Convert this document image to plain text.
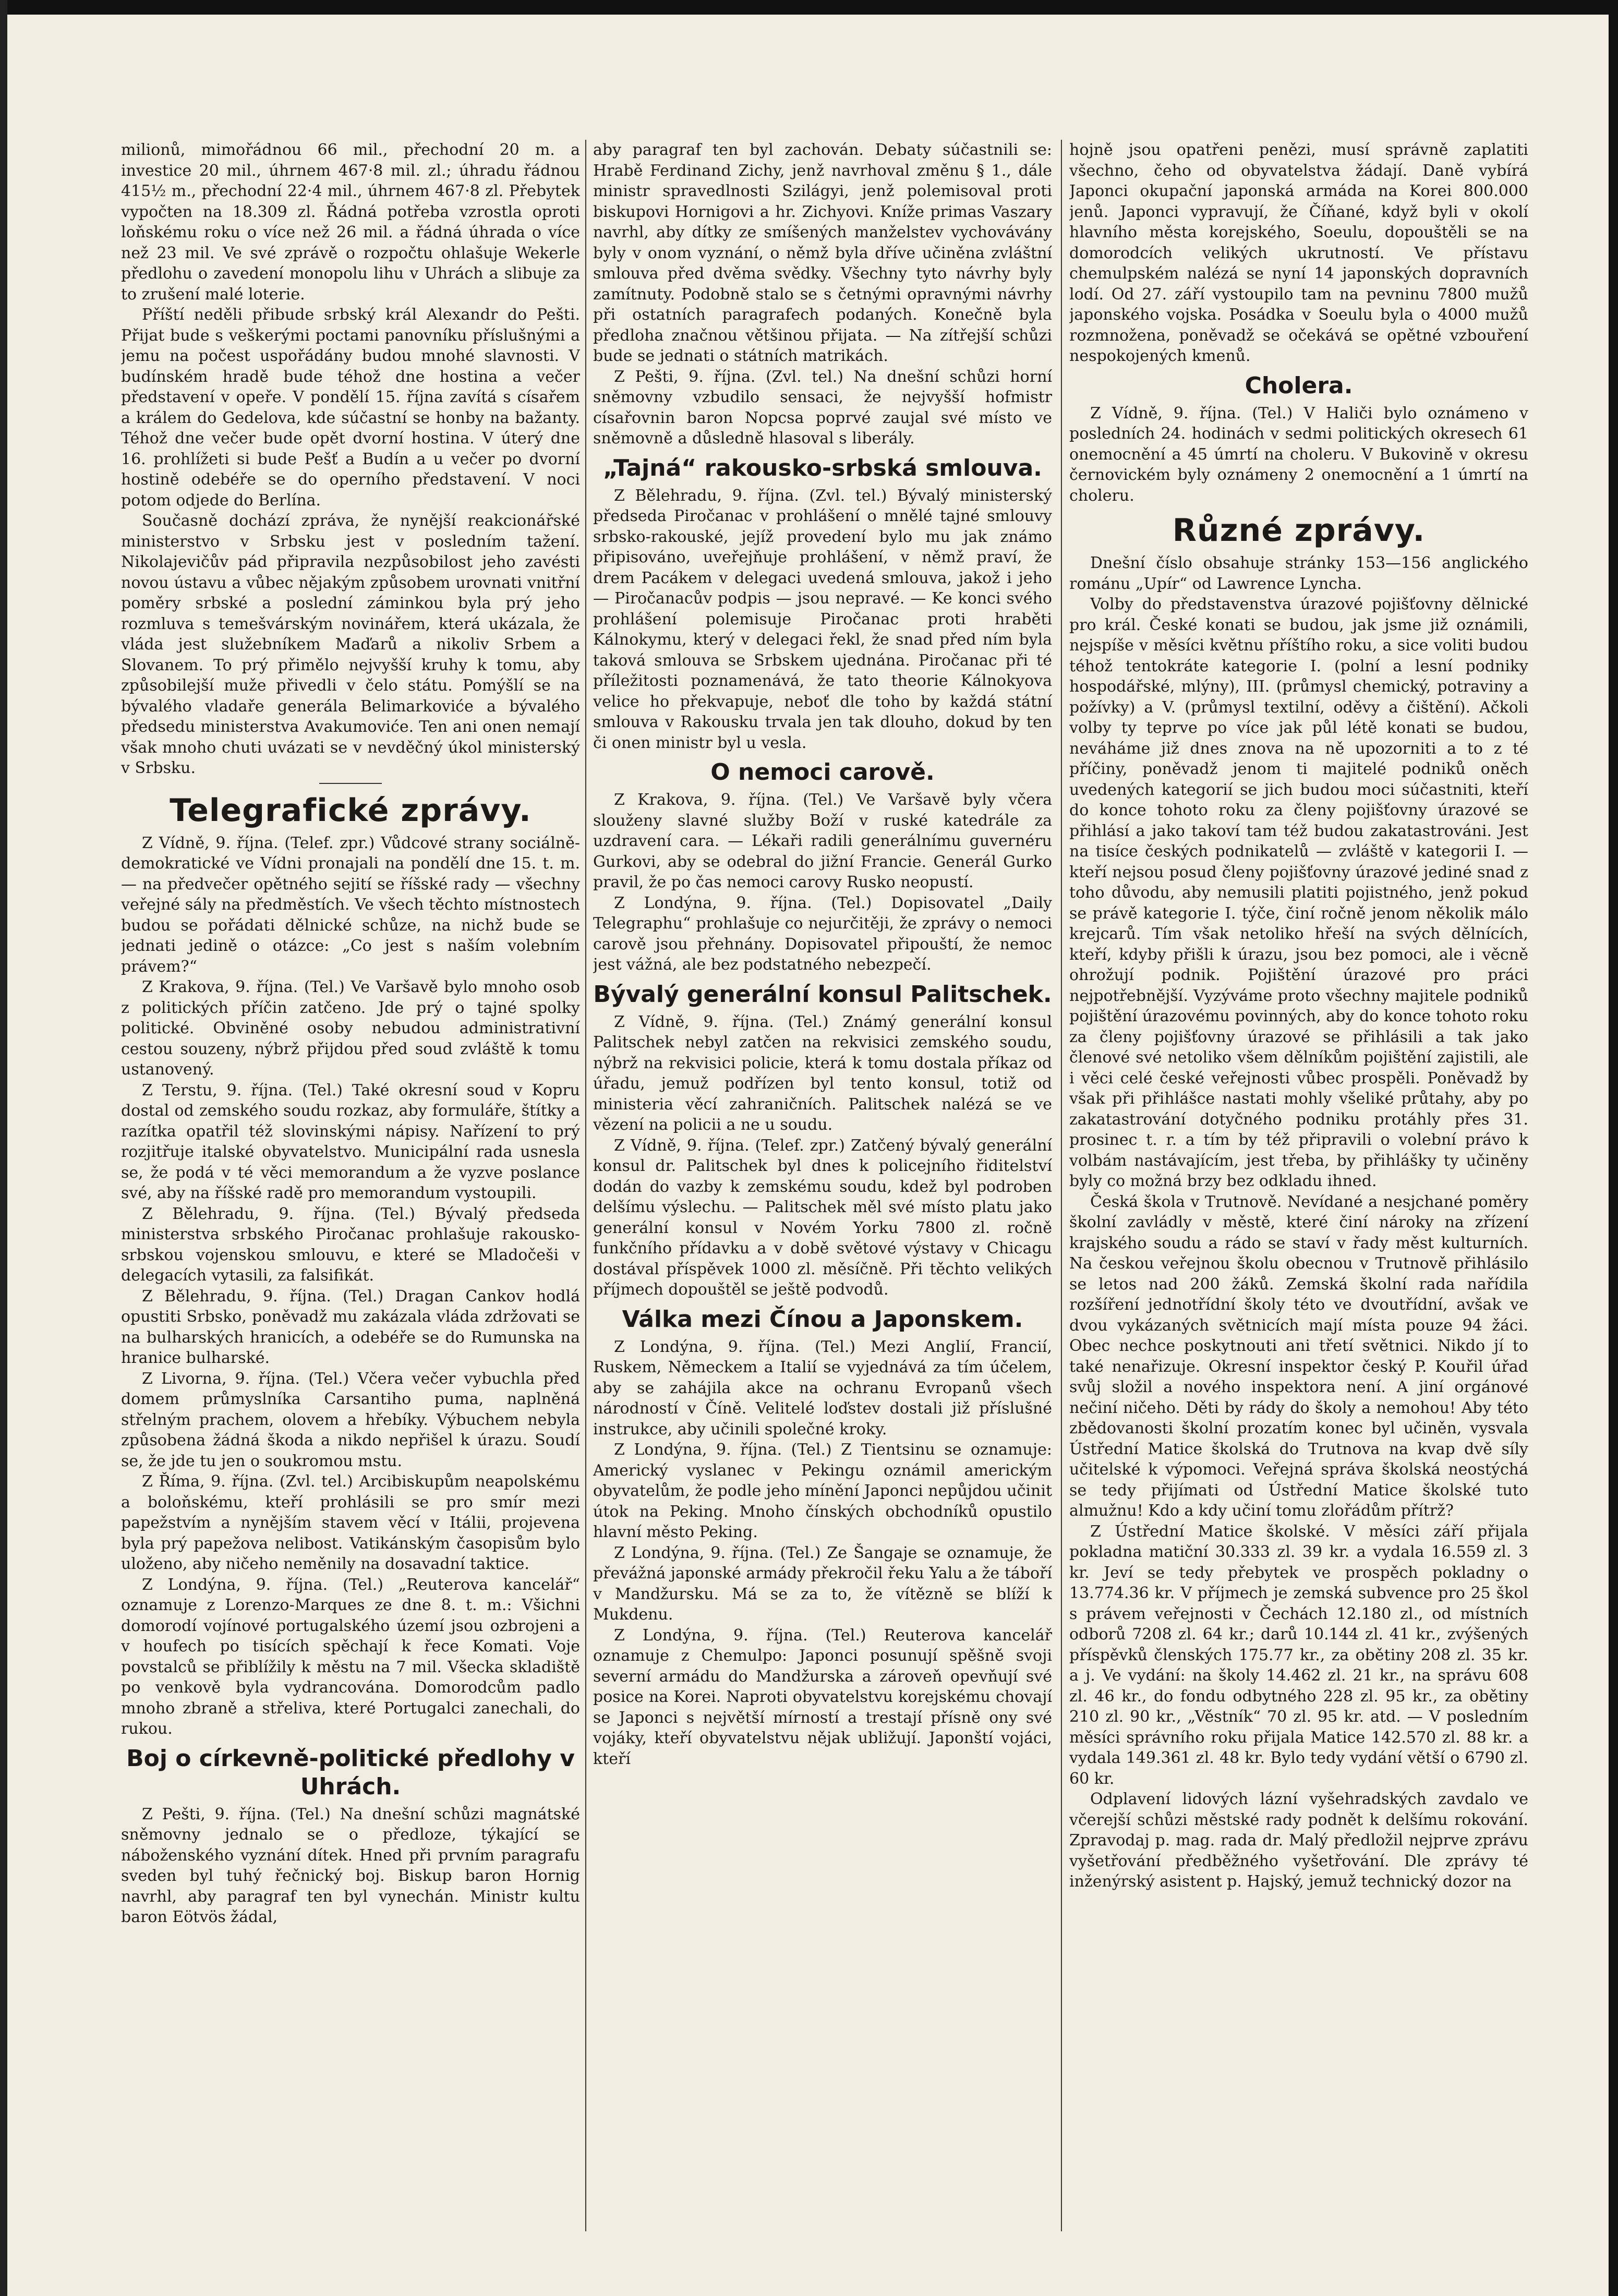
milionů, mimořádnou 66 mil., přechodní 20 m. a investice 20 mil., úhrnem 467·8 mil. zl.; úhradu řádnou 415½ m., přechodní 22·4 mil., úhrnem 467·8 zl. Přebytek vypočten na 18.309 zl. Řádná potřeba vzrostla oproti loňskému roku o více než 26 mil. a řádná úhrada o více než 23 mil. Ve své zprávě o rozpočtu ohlašuje Wekerle předlohu o zavedení monopolu lihu v Uhrách a slibuje za to zrušení malé loterie.

Příští neděli přibude srbský král Alexandr do Pešti. Přijat bude s veškerými poctami panovníku příslušnými a jemu na počest uspořádány budou mnohé slavnosti. V budínském hradě bude téhož dne hostina a večer představení v opeře. V pondělí 15. října zavítá s císařem a králem do Gedelova, kde súčastní se honby na bažanty. Téhož dne večer bude opět dvorní hostina. V úterý dne 16. prohlížeti si bude Pešť a Budín a u večer po dvorní hostině odebéře se do operního představení. V noci potom odjede do Berlína.

Současně dochází zpráva, že nynější reakcionářské ministerstvo v Srbsku jest v posledním tažení. Nikolajevičův pád připravila nezpůsobilost jeho zavésti novou ústavu a vůbec nějakým způsobem urovnati vnitřní poměry srbské a poslední záminkou byla prý jeho rozmluva s temešvárským novinářem, která ukázala, že vláda jest služebníkem Maďarů a nikoliv Srbem a Slovanem. To prý přimělo nejvyšší kruhy k tomu, aby způsobilejší muže přivedli v čelo státu. Pomýšlí se na bývalého vladaře generála Belimarkoviće a bývalého předsedu ministerstva Avakumoviće. Ten ani onen nemají však mnoho chuti uvázati se v nevděčný úkol ministerský v Srbsku.

Telegrafické zprávy.

Z Vídně, 9. října. (Telef. zpr.) Vůdcové strany sociálně-demokratické ve Vídni pronajali na pondělí dne 15. t. m. — na předvečer opětného sejití se říšské rady — všechny veřejné sály na předměstích. Ve všech těchto místnostech budou se pořádati dělnické schůze, na nichž bude se jednati jedině o otázce: „Co jest s naším volebním právem?“

Z Krakova, 9. října. (Tel.) Ve Varšavě bylo mnoho osob z politických příčin zatčeno. Jde prý o tajné spolky politické. Obviněné osoby nebudou administrativní cestou souzeny, nýbrž přijdou před soud zvláště k tomu ustanovený.

Z Terstu, 9. října. (Tel.) Také okresní soud v Kopru dostal od zemského soudu rozkaz, aby formuláře, štítky a razítka opatřil též slovinskými nápisy. Nařízení to prý rozjitřuje italské obyvatelstvo. Municipální rada usnesla se, že podá v té věci memorandum a že vyzve poslance své, aby na říšské radě pro memorandum vystoupili.

Z Bělehradu, 9. října. (Tel.) Bývalý předseda ministerstva srbského Piročanac prohlašuje rakousko-srbskou vojenskou smlouvu, e které se Mladočeši v delegacích vytasili, za falsifikát.

Z Bělehradu, 9. října. (Tel.) Dragan Cankov hodlá opustiti Srbsko, poněvadž mu zakázala vláda zdržovati se na bulharských hranicích, a odebéře se do Rumunska na hranice bulharské.

Z Livorna, 9. října. (Tel.) Včera večer vybuchla před domem průmyslníka Carsantiho puma, naplněná střelným prachem, olovem a hřebíky. Výbuchem nebyla způsobena žádná škoda a nikdo nepřišel k úrazu. Soudí se, že jde tu jen o soukromou mstu.

Z Říma, 9. října. (Zvl. tel.) Arcibiskupům neapolskému a boloňskému, kteří prohlásili se pro smír mezi papežstvím a nynějším stavem věcí v Itálii, projevena byla prý papežova nelibost. Vatikánským časopisům bylo uloženo, aby ničeho neměnily na dosavadní taktice.

Z Londýna, 9. října. (Tel.) „Reuterova kancelář“ oznamuje z Lorenzo-Marques ze dne 8. t. m.: Všichni domorodí vojínové portugalského území jsou ozbrojeni a v houfech po tisících spěchají k řece Komati. Voje povstalců se přiblížily k městu na 7 mil. Všecka skladiště po venkově byla vydrancována. Domorodcům padlo mnoho zbraně a střeliva, které Portugalci zanechali, do rukou.

Boj o církevně-politické předlohy v Uhrách.

Z Pešti, 9. října. (Tel.) Na dnešní schůzi magnátské sněmovny jednalo se o předloze, týkající se náboženského vyznání dítek. Hned při prvním paragrafu sveden byl tuhý řečnický boj. Biskup baron Hornig navrhl, aby paragraf ten byl vynechán. Ministr kultu baron Eötvös žádal,

aby paragraf ten byl zachován. Debaty súčastnili se: Hrabě Ferdinand Zichy, jenž navrhoval změnu § 1., dále ministr spravedlnosti Szilágyi, jenž polemisoval proti biskupovi Hornigovi a hr. Zichyovi. Kníže primas Vaszary navrhl, aby dítky ze smíšených manželstev vychovávány byly v onom vyznání, o němž byla dříve učiněna zvláštní smlouva před dvěma svědky. Všechny tyto návrhy byly zamítnuty. Podobně stalo se s četnými opravnými návrhy při ostatních paragrafech podaných. Konečně byla předloha značnou většinou přijata. — Na zítřejší schůzi bude se jednati o státních matrikách.

Z Pešti, 9. října. (Zvl. tel.) Na dnešní schůzi horní sněmovny vzbudilo sensaci, že nejvyšší hofmistr císařovnin baron Nopcsa poprvé zaujal své místo ve sněmovně a důsledně hlasoval s liberály.

„Tajná“ rakousko-srbská smlouva.

Z Bělehradu, 9. října. (Zvl. tel.) Bývalý ministerský předseda Piročanac v prohlášení o mnělé tajné smlouvy srbsko-rakouské, jejíž provedení bylo mu jak známo připisováno, uveřejňuje prohlášení, v němž praví, že drem Pacákem v delegaci uvedená smlouva, jakož i jeho — Piročanacův podpis — jsou nepravé. — Ke konci svého prohlášení polemisuje Piročanac proti hraběti Kálnokymu, který v delegaci řekl, že snad před ním byla taková smlouva se Srbskem ujednána. Piročanac při té příležitosti poznamenává, že tato theorie Kálnokyova velice ho překvapuje, neboť dle toho by každá státní smlouva v Rakousku trvala jen tak dlouho, dokud by ten či onen ministr byl u vesla.

O nemoci carově.

Z Krakova, 9. října. (Tel.) Ve Varšavě byly včera slouženy slavné služby Boží v ruské katedrále za uzdravení cara. — Lékaři radili generálnímu guvernéru Gurkovi, aby se odebral do jižní Francie. Generál Gurko pravil, že po čas nemoci carovy Rusko neopustí.

Z Londýna, 9. října. (Tel.) Dopisovatel „Daily Telegraphu“ prohlašuje co nejurčitěji, že zprávy o nemoci carově jsou přehnány. Dopisovatel připouští, že nemoc jest vážná, ale bez podstatného nebezpečí.

Bývalý generální konsul Palitschek.

Z Vídně, 9. října. (Tel.) Známý generální konsul Palitschek nebyl zatčen na rekvisici zemského soudu, nýbrž na rekvisici policie, která k tomu dostala příkaz od úřadu, jemuž podřízen byl tento konsul, totiž od ministeria věcí zahraničních. Palitschek nalézá se ve vězení na policii a ne u soudu.

Z Vídně, 9. října. (Telef. zpr.) Zatčený bývalý generální konsul dr. Palitschek byl dnes k policejního řiditelství dodán do vazby k zemskému soudu, kdež byl podroben delšímu výslechu. — Palitschek měl své místo platu jako generální konsul v Novém Yorku 7800 zl. ročně funkčního přídavku a v době světové výstavy v Chicagu dostával příspěvek 1000 zl. měsíčně. Při těchto velikých příjmech dopouštěl se ještě podvodů.

Válka mezi Čínou a Japonskem.

Z Londýna, 9. října. (Tel.) Mezi Anglií, Francií, Ruskem, Německem a Italií se vyjednává za tím účelem, aby se zahájila akce na ochranu Evropanů všech národností v Číně. Velitelé loďstev dostali již příslušné instrukce, aby učinili společné kroky.

Z Londýna, 9. října. (Tel.) Z Tientsinu se oznamuje: Americký vyslanec v Pekingu oznámil americkým obyvatelům, že podle jeho mínění Japonci nepůjdou učinit útok na Peking. Mnoho čínských obchodníků opustilo hlavní město Peking.

Z Londýna, 9. října. (Tel.) Ze Šangaje se oznamuje, že převážná japonské armády překročil řeku Yalu a že táboří v Mandžursku. Má se za to, že vítězně se blíží k Mukdenu.

Z Londýna, 9. října. (Tel.) Reuterova kancelář oznamuje z Chemulpo: Japonci posunují spěšně svoji severní armádu do Mandžurska a zároveň opevňují své posice na Korei. Naproti obyvatelstvu korejskému chovají se Japonci s největší mírností a trestají přísně ony své vojáky, kteří obyvatelstvu nějak ubližují. Japonští vojáci, kteří

hojně jsou opatřeni penězi, musí správně zaplatiti všechno, čeho od obyvatelstva žádají. Daně vybírá Japonci okupační japonská armáda na Korei 800.000 jenů. Japonci vypravují, že Číňané, když byli v okolí hlavního města korejského, Soeulu, dopouštěli se na domorodcích velikých ukrutností. Ve přístavu chemulpském nalézá se nyní 14 japonských dopravních lodí. Od 27. září vystoupilo tam na pevninu 7800 mužů japonského vojska. Posádka v Soeulu byla o 4000 mužů rozmnožena, poněvadž se očekává se opětné vzbouření nespokojených kmenů.

Cholera.

Z Vídně, 9. října. (Tel.) V Haliči bylo oznámeno v posledních 24. hodinách v sedmi politických okresech 61 onemocnění a 45 úmrtí na choleru. V Bukovině v okresu černovickém byly oznámeny 2 onemocnění a 1 úmrtí na choleru.

Různé zprávy.

Dnešní číslo obsahuje stránky 153—156 anglického románu „Upír“ od Lawrence Lyncha.

Volby do představenstva úrazové pojišťovny dělnické pro král. České konati se budou, jak jsme již oznámili, nejspíše v měsíci květnu příštího roku, a sice voliti budou téhož tentokráte kategorie I. (polní a lesní podniky hospodářské, mlýny), III. (průmysl chemický, potraviny a požívky) a V. (průmysl textilní, oděvy a čištění). Ačkoli volby ty teprve po více jak půl létě konati se budou, neváháme již dnes znova na ně upozorniti a to z té příčiny, poněvadž jenom ti majitelé podniků oněch uvedených kategorií se jich budou moci súčastniti, kteří do konce tohoto roku za členy pojišťovny úrazové se přihlásí a jako takoví tam též budou zakatastrováni. Jest na tisíce českých podnikatelů — zvláště v kategorii I. — kteří nejsou posud členy pojišťovny úrazové jediné snad z toho důvodu, aby nemusili platiti pojistného, jenž pokud se právě kategorie I. týče, činí ročně jenom několik málo krejcarů. Tím však netoliko hřeší na svých dělnících, kteří, kdyby přišli k úrazu, jsou bez pomoci, ale i věcně ohrožují podnik. Pojištění úrazové pro práci nejpotřebnější. Vyzýváme proto všechny majitele podniků pojištění úrazovému povinných, aby do konce tohoto roku za členy pojišťovny úrazové se přihlásili a tak jako členové své netoliko všem dělníkům pojištění zajistili, ale i věci celé české veřejnosti vůbec prospěli. Poněvadž by však při přihlášce nastati mohly všeliké průtahy, aby po zakatastrování dotyčného podniku protáhly přes 31. prosinec t. r. a tím by též připravili o volební právo k volbám nastávajícím, jest třeba, by přihlášky ty učiněny byly co možná brzy bez odkladu ihned.

Česká škola v Trutnově. Nevídané a nesjchané poměry školní zavládly v městě, které činí nároky na zřízení krajského soudu a rádo se staví v řady měst kulturních. Na českou veřejnou školu obecnou v Trutnově přihlásilo se letos nad 200 žáků. Zemská školní rada nařídila rozšíření jednotřídní školy této ve dvoutřídní, avšak ve dvou vykázaných světnicích mají místa pouze 94 žáci. Obec nechce poskytnouti ani třetí světnici. Nikdo jí to také nenařizuje. Okresní inspektor český P. Kouřil úřad svůj složil a nového inspektora není. A jiní orgánové nečiní ničeho. Děti by rády do školy a nemohou! Aby této zbědovanosti školní prozatím konec byl učiněn, vysvala Ústřední Matice školská do Trutnova na kvap dvě síly učitelské k výpomoci. Veřejná správa školská neostýchá se tedy přijímati od Ústřední Matice školské tuto almužnu! Kdo a kdy učiní tomu zlořádům přítrž?

Z Ústřední Matice školské. V měsíci září přijala pokladna matiční 30.333 zl. 39 kr. a vydala 16.559 zl. 3 kr. Jeví se tedy přebytek ve prospěch pokladny o 13.774.36 kr. V příjmech je zemská subvence pro 25 škol s právem veřejnosti v Čechách 12.180 zl., od místních odborů 7208 zl. 64 kr.; darů 10.144 zl. 41 kr., zvýšených příspěvků členských 175.77 kr., za obětiny 208 zl. 35 kr. a j. Ve vydání: na školy 14.462 zl. 21 kr., na správu 608 zl. 46 kr., do fondu odbytného 228 zl. 95 kr., za obětiny 210 zl. 90 kr., „Věstník“ 70 zl. 95 kr. atd. — V posledním měsíci správního roku přijala Matice 142.570 zl. 88 kr. a vydala 149.361 zl. 48 kr. Bylo tedy vydání větší o 6790 zl. 60 kr.

Odplavení lidových lázní vyšehradských zavdalo ve včerejší schůzi městské rady podnět k delšímu rokování. Zpravodaj p. mag. rada dr. Malý předložil nejprve zprávu vyšetřování předběžného vyšetřování. Dle zprávy té inženýrský asistent p. Hajský, jemuž technický dozor na
